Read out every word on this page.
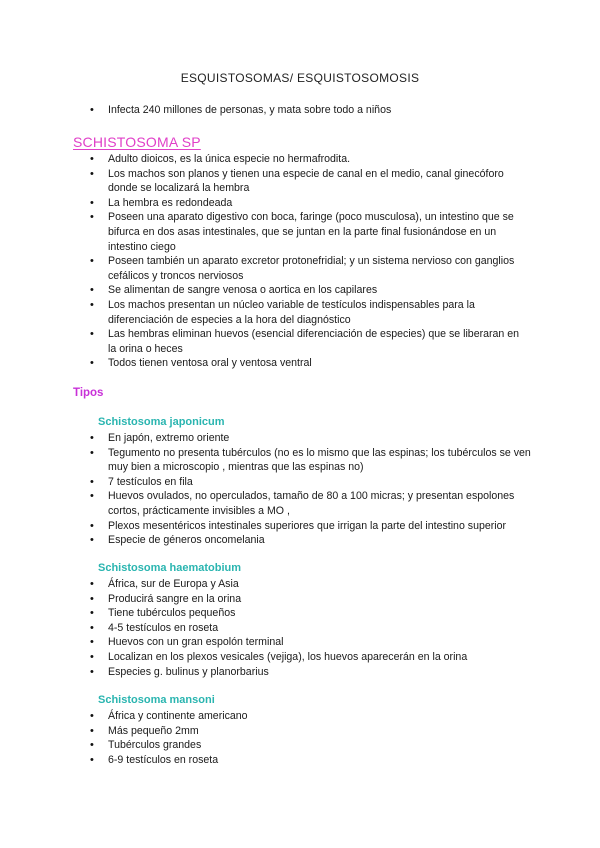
ESQUISTOSOMAS/ ESQUISTOSOMOSIS
• Infecta 240 millones de personas, y mata sobre todo a niños
SCHISTOSOMA SP
• Adulto dioicos, es la única especie no hermafrodita.
• Los machos son planos y tienen una especie de canal en el medio, canal ginecóforo donde se localizará la hembra
• La hembra es redondeada
• Poseen una aparato digestivo con boca, faringe (poco musculosa), un intestino que se bifurca en dos asas intestinales, que se juntan en la parte final fusionándose en un intestino ciego
• Poseen también un aparato excretor protonefridial; y un sistema nervioso con ganglios cefálicos y troncos nerviosos
• Se alimentan de sangre venosa o aortica en los capilares
• Los machos presentan un núcleo variable de testículos indispensables para la diferenciación de especies a la hora del diagnóstico
• Las hembras eliminan huevos (esencial diferenciación de especies) que se liberaran en la orina o heces
• Todos tienen ventosa oral y ventosa ventral
Tipos
Schistosoma japonicum
• En japón, extremo oriente
• Tegumento no presenta tubérculos (no es lo mismo que las espinas; los tubérculos se ven muy bien a microscopio , mientras que las espinas no)
• 7 testículos en fila
• Huevos ovulados, no operculados, tamaño de 80 a 100 micras; y presentan espolones cortos, prácticamente invisibles a MO ,
• Plexos mesentéricos intestinales superiores que irrigan la parte del intestino superior
• Especie de géneros oncomelania
Schistosoma haematobium
• África, sur de Europa y Asia
• Producirá sangre en la orina
• Tiene tubérculos pequeños
• 4-5 testículos en roseta
• Huevos con un gran espolón terminal
• Localizan en los plexos vesicales (vejiga), los huevos aparecerán en la orina
• Especies g. bulinus y planorbarius
Schistosoma mansoni
• África y continente americano
• Más pequeño 2mm
• Tubérculos grandes
• 6-9 testículos en roseta
